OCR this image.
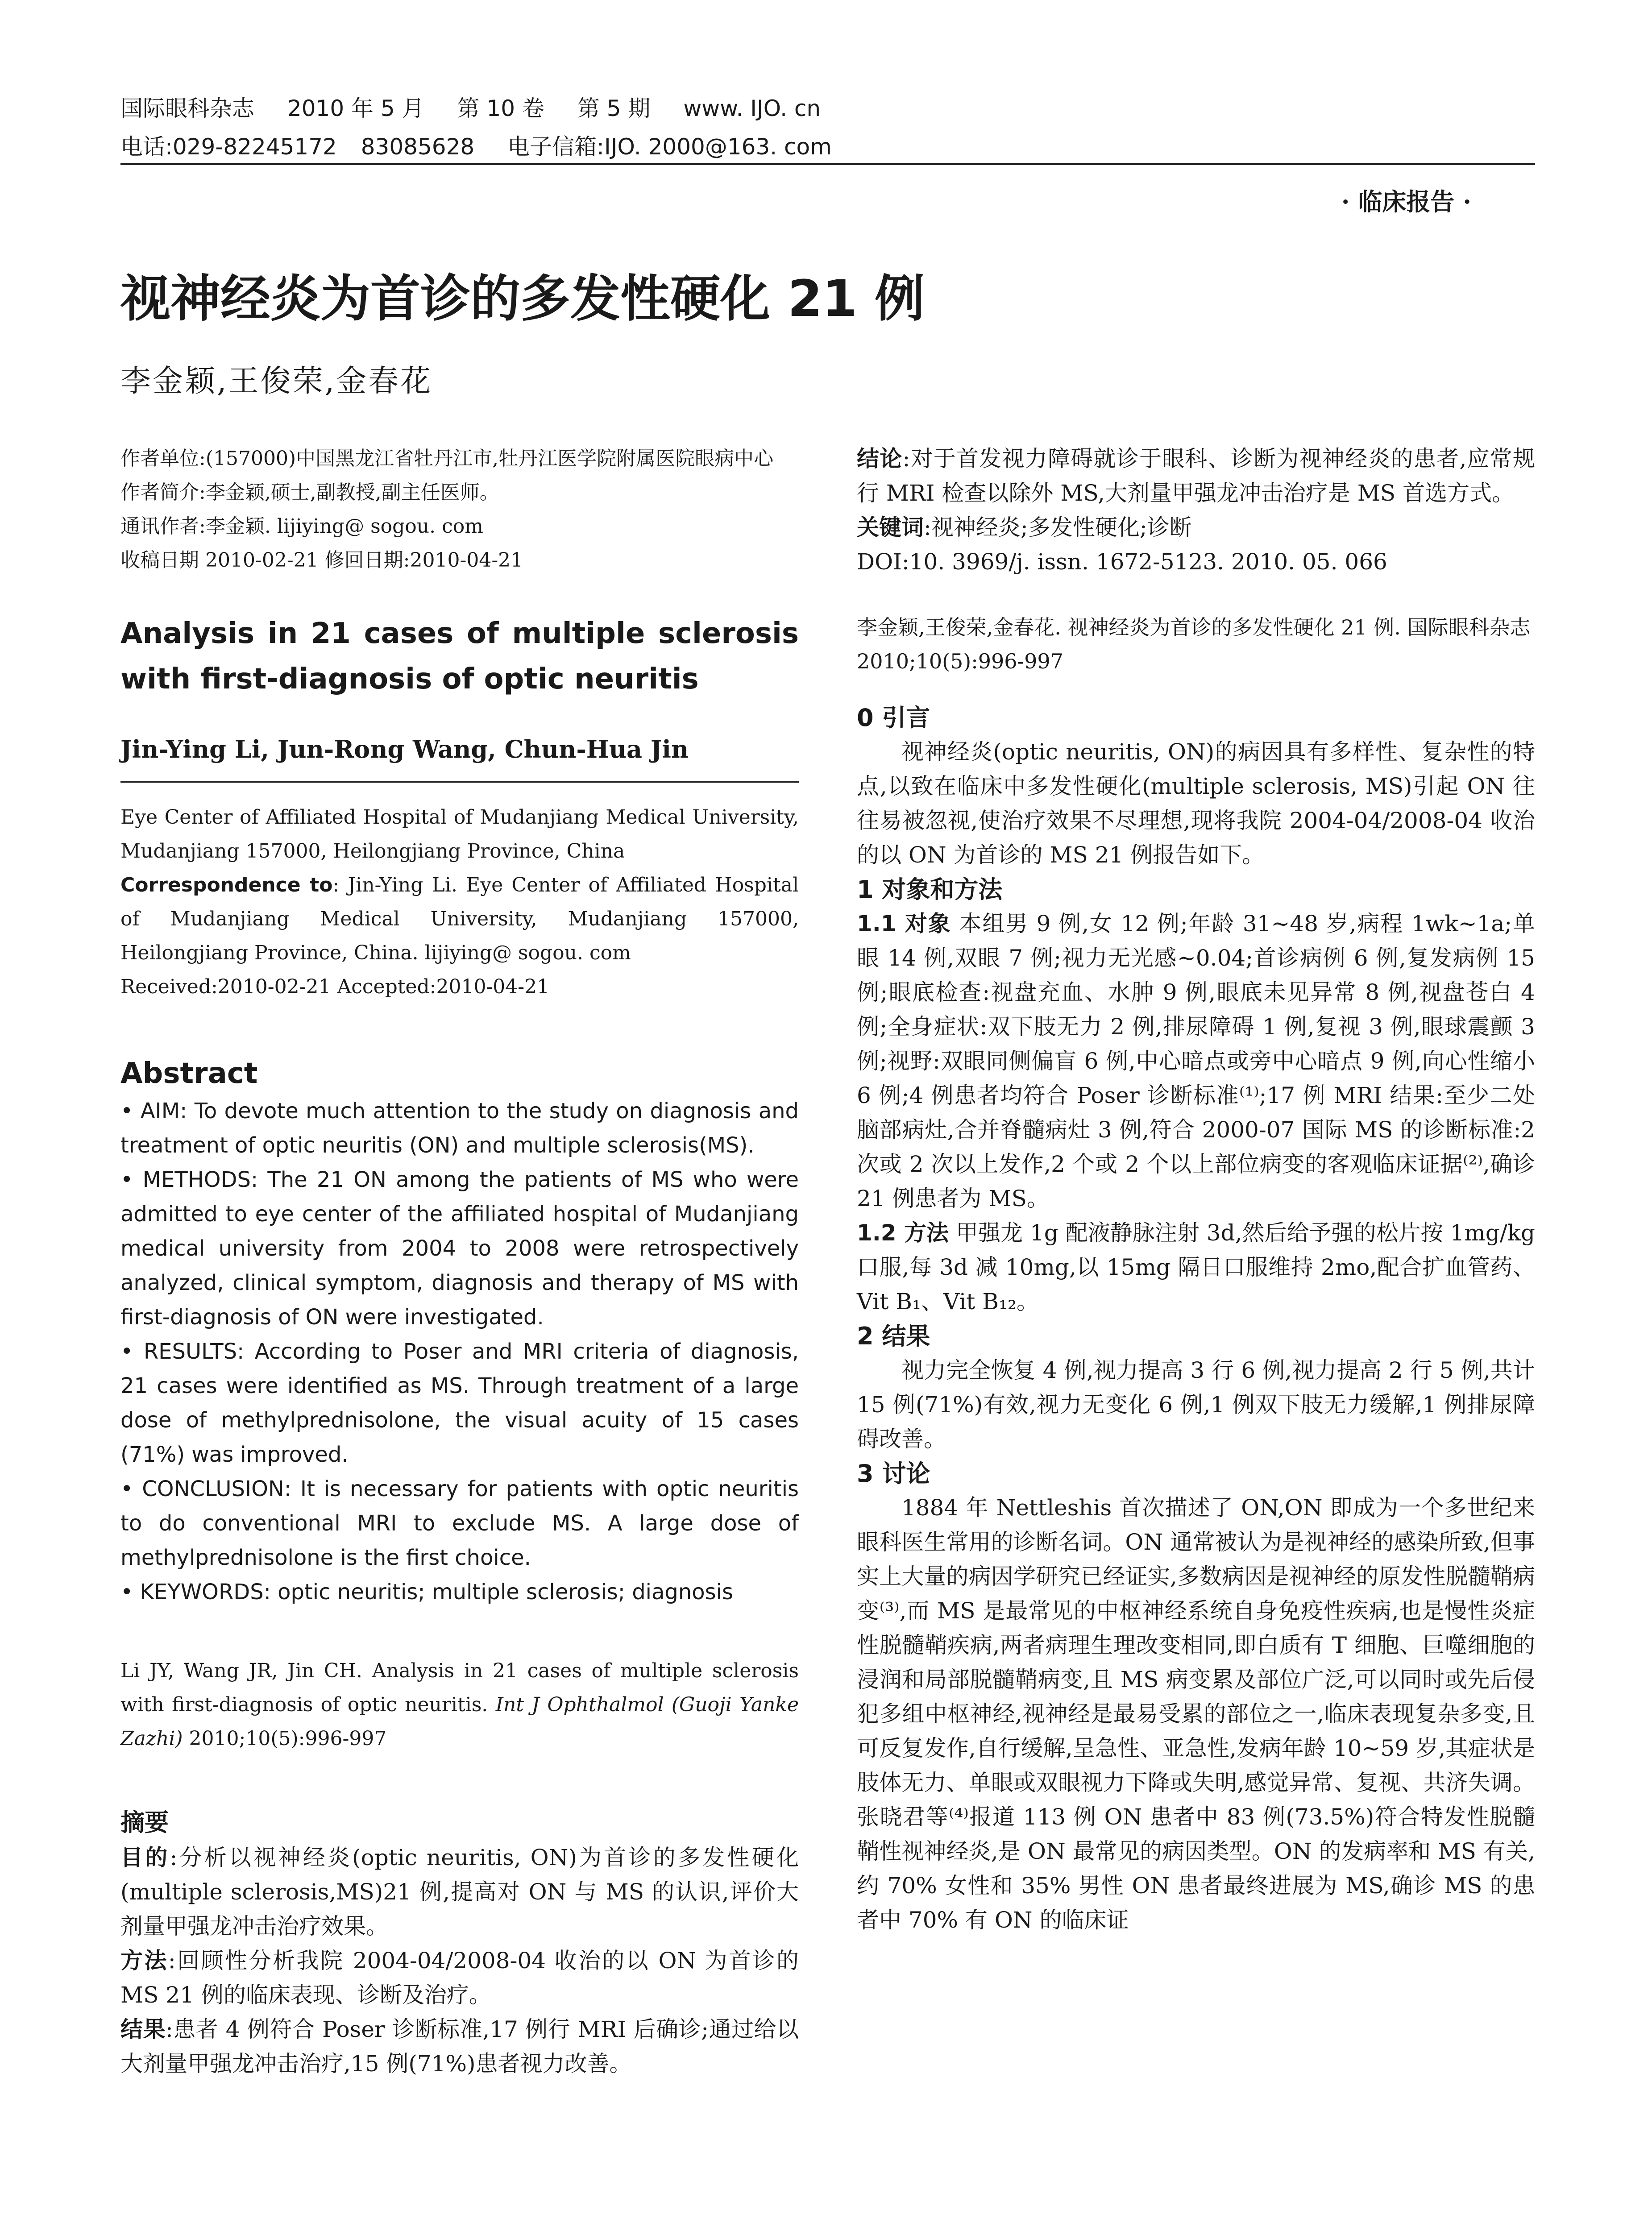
国际眼科杂志 2010 年 5 月 第 10 卷 第 5 期 www. IJO. cn
电话:029-82245172 83085628 电子信箱:IJO. 2000@163. com
· 临床报告 ·
视神经炎为首诊的多发性硬化 21 例
李金颖,王俊荣,金春花
作者单位:(157000)中国黑龙江省牡丹江市,牡丹江医学院附属医院眼病中心
作者简介:李金颖,硕士,副教授,副主任医师。
通讯作者:李金颖. lijiying@ sogou. com
收稿日期 2010-02-21 修回日期:2010-04-21
Analysis in 21 cases of multiple sclerosis with first-diagnosis of optic neuritis
Jin-Ying Li, Jun-Rong Wang, Chun-Hua Jin
Eye Center of Affiliated Hospital of Mudanjiang Medical University, Mudanjiang 157000, Heilongjiang Province, China
Correspondence to: Jin-Ying Li. Eye Center of Affiliated Hospital of Mudanjiang Medical University, Mudanjiang 157000, Heilongjiang Province, China. lijiying@ sogou. com
Received:2010-02-21 Accepted:2010-04-21
Abstract
• AIM: To devote much attention to the study on diagnosis and treatment of optic neuritis (ON) and multiple sclerosis(MS).
• METHODS: The 21 ON among the patients of MS who were admitted to eye center of the affiliated hospital of Mudanjiang medical university from 2004 to 2008 were retrospectively analyzed, clinical symptom, diagnosis and therapy of MS with first-diagnosis of ON were investigated.
• RESULTS: According to Poser and MRI criteria of diagnosis, 21 cases were identified as MS. Through treatment of a large dose of methylprednisolone, the visual acuity of 15 cases (71%) was improved.
• CONCLUSION: It is necessary for patients with optic neuritis to do conventional MRI to exclude MS. A large dose of methylprednisolone is the first choice.
• KEYWORDS: optic neuritis; multiple sclerosis; diagnosis
Li JY, Wang JR, Jin CH. Analysis in 21 cases of multiple sclerosis with first-diagnosis of optic neuritis. Int J Ophthalmol (Guoji Yanke Zazhi) 2010;10(5):996-997
摘要

目的:分析以视神经炎(optic neuritis, ON)为首诊的多发性硬化(multiple sclerosis,MS)21 例,提高对 ON 与 MS 的认识,评价大剂量甲强龙冲击治疗效果。

方法:回顾性分析我院 2004-04/2008-04 收治的以 ON 为首诊的 MS 21 例的临床表现、诊断及治疗。

结果:患者 4 例符合 Poser 诊断标准,17 例行 MRI 后确诊;通过给以大剂量甲强龙冲击治疗,15 例(71%)患者视力改善。

结论:对于首发视力障碍就诊于眼科、诊断为视神经炎的患者,应常规行 MRI 检查以除外 MS,大剂量甲强龙冲击治疗是 MS 首选方式。

关键词:视神经炎;多发性硬化;诊断

DOI:10. 3969/j. issn. 1672-5123. 2010. 05. 066

李金颖,王俊荣,金春花. 视神经炎为首诊的多发性硬化 21 例. 国际眼科杂志 2010;10(5):996-997
0 引言

视神经炎(optic neuritis, ON)的病因具有多样性、复杂性的特点,以致在临床中多发性硬化(multiple sclerosis, MS)引起 ON 往往易被忽视,使治疗效果不尽理想,现将我院 2004-04/2008-04 收治的以 ON 为首诊的 MS 21 例报告如下。

1 对象和方法

1.1 对象 本组男 9 例,女 12 例;年龄 31~48 岁,病程 1wk~1a;单眼 14 例,双眼 7 例;视力无光感~0.04;首诊病例 6 例,复发病例 15 例;眼底检查:视盘充血、水肿 9 例,眼底未见异常 8 例,视盘苍白 4 例;全身症状:双下肢无力 2 例,排尿障碍 1 例,复视 3 例,眼球震颤 3 例;视野:双眼同侧偏盲 6 例,中心暗点或旁中心暗点 9 例,向心性缩小 6 例;4 例患者均符合 Poser 诊断标准⁽¹⁾;17 例 MRI 结果:至少二处脑部病灶,合并脊髓病灶 3 例,符合 2000-07 国际 MS 的诊断标准:2 次或 2 次以上发作,2 个或 2 个以上部位病变的客观临床证据⁽²⁾,确诊 21 例患者为 MS。

1.2 方法 甲强龙 1g 配液静脉注射 3d,然后给予强的松片按 1mg/kg 口服,每 3d 减 10mg,以 15mg 隔日口服维持 2mo,配合扩血管药、Vit B₁、Vit B₁₂。

2 结果

视力完全恢复 4 例,视力提高 3 行 6 例,视力提高 2 行 5 例,共计 15 例(71%)有效,视力无变化 6 例,1 例双下肢无力缓解,1 例排尿障碍改善。

3 讨论

1884 年 Nettleshis 首次描述了 ON,ON 即成为一个多世纪来眼科医生常用的诊断名词。ON 通常被认为是视神经的感染所致,但事实上大量的病因学研究已经证实,多数病因是视神经的原发性脱髓鞘病变⁽³⁾,而 MS 是最常见的中枢神经系统自身免疫性疾病,也是慢性炎症性脱髓鞘疾病,两者病理生理改变相同,即白质有 T 细胞、巨噬细胞的浸润和局部脱髓鞘病变,且 MS 病变累及部位广泛,可以同时或先后侵犯多组中枢神经,视神经是最易受累的部位之一,临床表现复杂多变,且可反复发作,自行缓解,呈急性、亚急性,发病年龄 10~59 岁,其症状是肢体无力、单眼或双眼视力下降或失明,感觉异常、复视、共济失调。张晓君等⁽⁴⁾报道 113 例 ON 患者中 83 例(73.5%)符合特发性脱髓鞘性视神经炎,是 ON 最常见的病因类型。ON 的发病率和 MS 有关,约 70% 女性和 35% 男性 ON 患者最终进展为 MS,确诊 MS 的患者中 70% 有 ON 的临床证
